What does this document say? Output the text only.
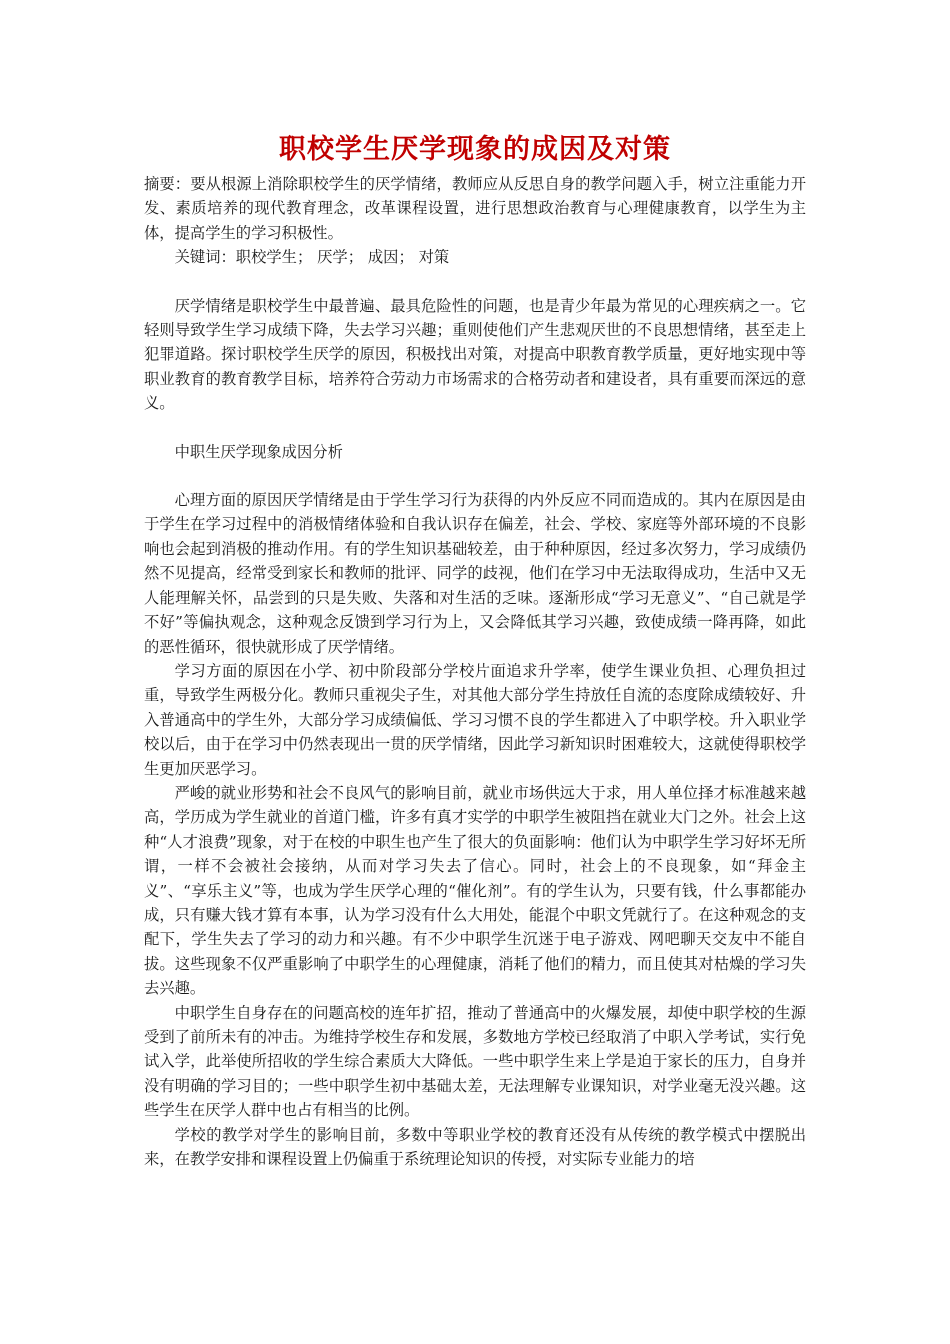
职校学生厌学现象的成因及对策

摘要：要从根源上消除职校学生的厌学情绪，教师应从反思自身的教学问题入手，树立注重能力开发、素质培养的现代教育理念，改革课程设置，进行思想政治教育与心理健康教育，以学生为主体，提高学生的学习积极性。

关键词：职校学生； 厌学； 成因； 对策

厌学情绪是职校学生中最普遍、最具危险性的问题，也是青少年最为常见的心理疾病之一。它轻则导致学生学习成绩下降，失去学习兴趣；重则使他们产生悲观厌世的不良思想情绪，甚至走上犯罪道路。探讨职校学生厌学的原因，积极找出对策，对提高中职教育教学质量，更好地实现中等职业教育的教育教学目标，培养符合劳动力市场需求的合格劳动者和建设者，具有重要而深远的意义。

中职生厌学现象成因分析

心理方面的原因厌学情绪是由于学生学习行为获得的内外反应不同而造成的。其内在原因是由于学生在学习过程中的消极情绪体验和自我认识存在偏差，社会、学校、家庭等外部环境的不良影响也会起到消极的推动作用。有的学生知识基础较差，由于种种原因，经过多次努力，学习成绩仍然不见提高，经常受到家长和教师的批评、同学的歧视，他们在学习中无法取得成功，生活中又无人能理解关怀，品尝到的只是失败、失落和对生活的乏味。逐渐形成“学习无意义”、“自己就是学不好”等偏执观念，这种观念反馈到学习行为上，又会降低其学习兴趣，致使成绩一降再降，如此的恶性循环，很快就形成了厌学情绪。

学习方面的原因在小学、初中阶段部分学校片面追求升学率，使学生课业负担、心理负担过重，导致学生两极分化。教师只重视尖子生，对其他大部分学生持放任自流的态度除成绩较好、升入普通高中的学生外，大部分学习成绩偏低、学习习惯不良的学生都进入了中职学校。升入职业学校以后，由于在学习中仍然表现出一贯的厌学情绪，因此学习新知识时困难较大，这就使得职校学生更加厌恶学习。

严峻的就业形势和社会不良风气的影响目前，就业市场供远大于求，用人单位择才标准越来越高，学历成为学生就业的首道门槛，许多有真才实学的中职学生被阻挡在就业大门之外。社会上这种“人才浪费”现象，对于在校的中职生也产生了很大的负面影响：他们认为中职学生学习好坏无所谓，一样不会被社会接纳，从而对学习失去了信心。同时，社会上的不良现象，如“拜金主义”、“享乐主义”等，也成为学生厌学心理的“催化剂”。有的学生认为，只要有钱，什么事都能办成，只有赚大钱才算有本事，认为学习没有什么大用处，能混个中职文凭就行了。在这种观念的支配下，学生失去了学习的动力和兴趣。有不少中职学生沉迷于电子游戏、网吧聊天交友中不能自拔。这些现象不仅严重影响了中职学生的心理健康，消耗了他们的精力，而且使其对枯燥的学习失去兴趣。

中职学生自身存在的问题高校的连年扩招，推动了普通高中的火爆发展，却使中职学校的生源受到了前所未有的冲击。为维持学校生存和发展，多数地方学校已经取消了中职入学考试，实行免试入学，此举使所招收的学生综合素质大大降低。一些中职学生来上学是迫于家长的压力，自身并没有明确的学习目的；一些中职学生初中基础太差，无法理解专业课知识，对学业毫无没兴趣。这些学生在厌学人群中也占有相当的比例。

学校的教学对学生的影响目前，多数中等职业学校的教育还没有从传统的教学模式中摆脱出来，在教学安排和课程设置上仍偏重于系统理论知识的传授，对实际专业能力的培
